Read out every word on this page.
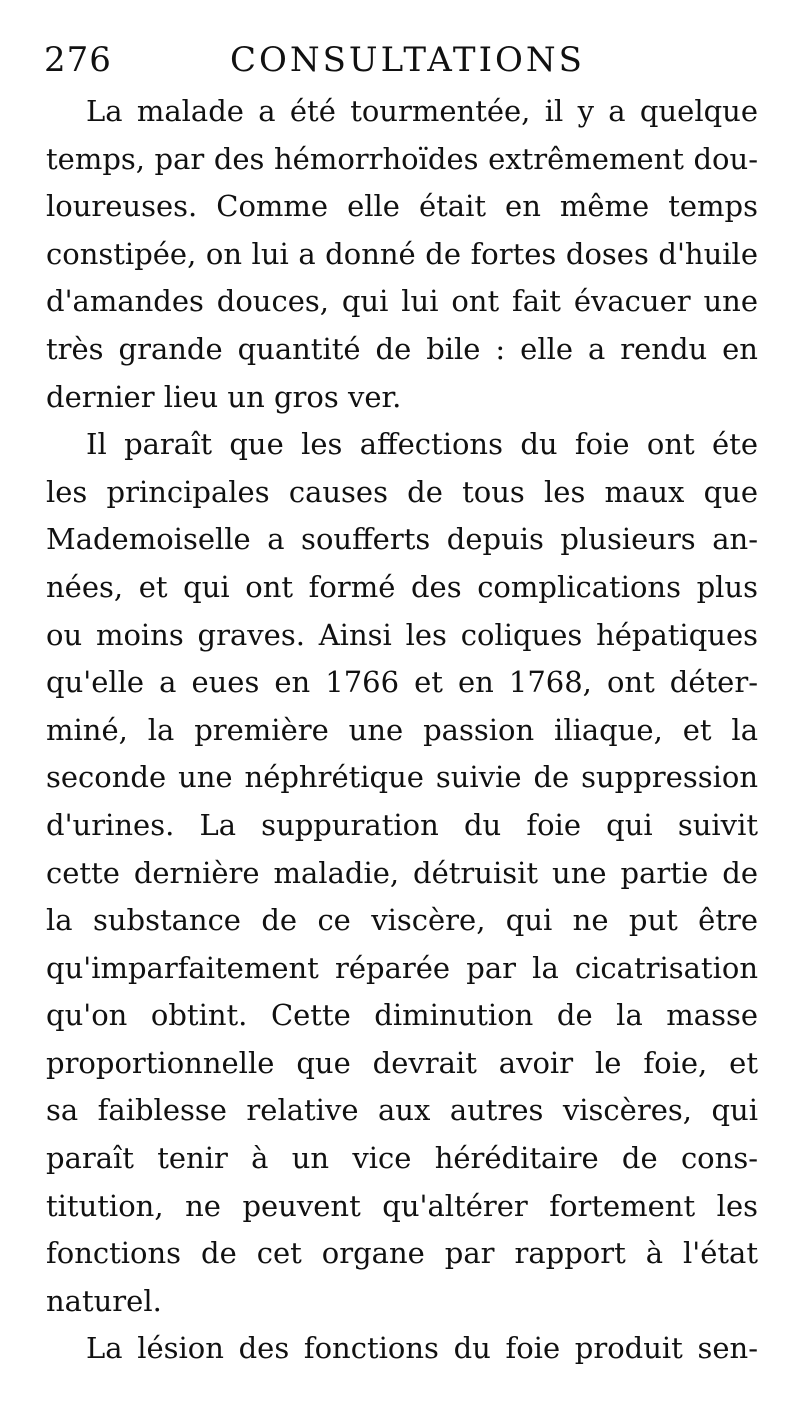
276	CONSULTATIONS
La malade a été tourmentée, il y a quelque
temps, par des hémorrhoïdes extrêmement dou-
loureuses. Comme elle était en même temps
constipée, on lui a donné de fortes doses d'huile
d'amandes douces, qui lui ont fait évacuer une
très grande quantité de bile : elle a rendu en
dernier lieu un gros ver.
Il paraît que les affections du foie ont éte
les principales causes de tous les maux que
Mademoiselle a soufferts depuis plusieurs an-
nées, et qui ont formé des complications plus
ou moins graves. Ainsi les coliques hépatiques
qu'elle a eues en 1766 et en 1768, ont déter-
miné, la première une passion iliaque, et la
seconde une néphrétique suivie de suppression
d'urines. La suppuration du foie qui suivit
cette dernière maladie, détruisit une partie de
la substance de ce viscère, qui ne put être
qu'imparfaitement réparée par la cicatrisation
qu'on obtint. Cette diminution de la masse
proportionnelle que devrait avoir le foie, et
sa faiblesse relative aux autres viscères, qui
paraît tenir à un vice héréditaire de cons-
titution, ne peuvent qu'altérer fortement les
fonctions de cet organe par rapport à l'état
naturel.
La lésion des fonctions du foie produit sen-
